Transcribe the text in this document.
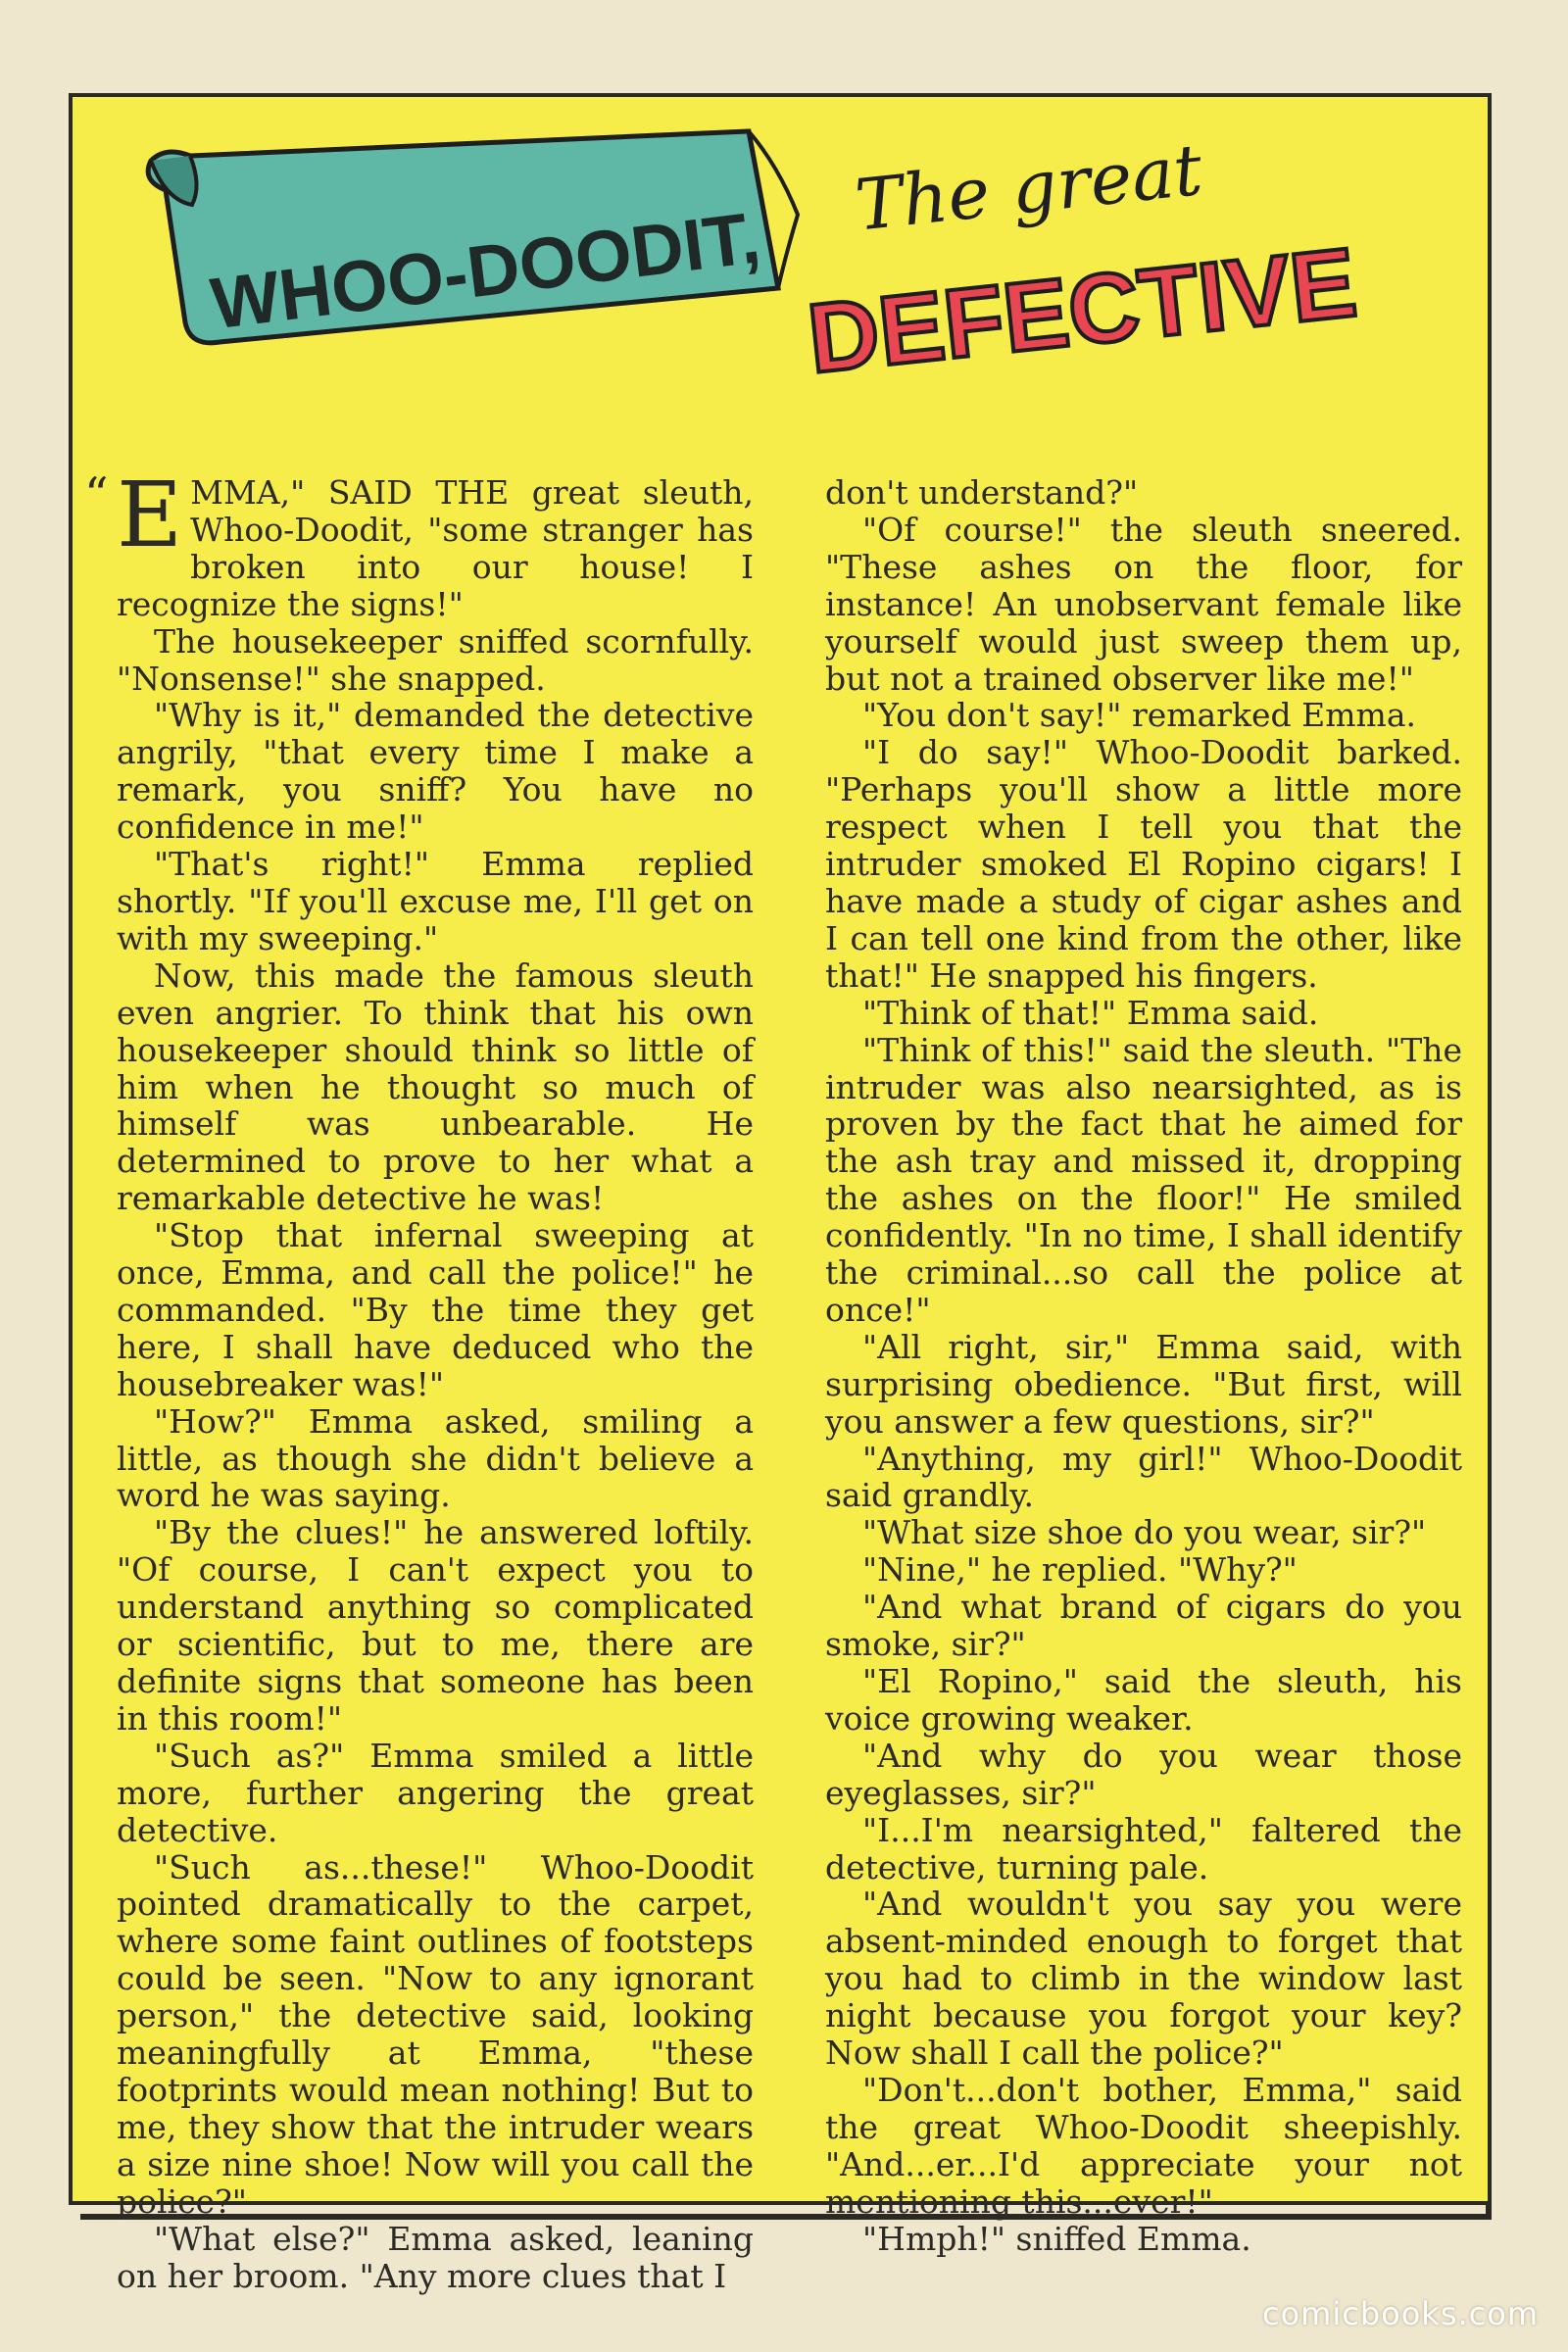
WHOO-DOODIT,
The great
DEFECTIVE
“ EMMA," SAID THE great sleuth, Whoo-Doodit, "some stranger has broken into our house! I recognize the signs!"

The housekeeper sniffed scornfully. "Nonsense!" she snapped.

"Why is it," demanded the detective angrily, "that every time I make a remark, you sniff? You have no confidence in me!"

"That's right!" Emma replied shortly. "If you'll excuse me, I'll get on with my sweeping."

Now, this made the famous sleuth even angrier. To think that his own housekeeper should think so little of him when he thought so much of himself was unbearable. He determined to prove to her what a remarkable detective he was!

"Stop that infernal sweeping at once, Emma, and call the police!" he commanded. "By the time they get here, I shall have deduced who the housebreaker was!"

"How?" Emma asked, smiling a little, as though she didn't believe a word he was saying.

"By the clues!" he answered loftily. "Of course, I can't expect you to understand anything so complicated or scientific, but to me, there are definite signs that someone has been in this room!"

"Such as?" Emma smiled a little more, further angering the great detective.

"Such as...these!" Whoo-Doodit pointed dramatically to the carpet, where some faint outlines of footsteps could be seen. "Now to any ignorant person," the detective said, looking meaningfully at Emma, "these footprints would mean nothing! But to me, they show that the intruder wears a size nine shoe! Now will you call the police?"

"What else?" Emma asked, leaning on her broom. "Any more clues that I

don't understand?"

"Of course!" the sleuth sneered. "These ashes on the floor, for instance! An unobservant female like yourself would just sweep them up, but not a trained observer like me!"

"You don't say!" remarked Emma.

"I do say!" Whoo-Doodit barked. "Perhaps you'll show a little more respect when I tell you that the intruder smoked El Ropino cigars! I have made a study of cigar ashes and I can tell one kind from the other, like that!" He snapped his fingers.

"Think of that!" Emma said.

"Think of this!" said the sleuth. "The intruder was also nearsighted, as is proven by the fact that he aimed for the ash tray and missed it, dropping the ashes on the floor!" He smiled confidently. "In no time, I shall identify the criminal...so call the police at once!"

"All right, sir," Emma said, with surprising obedience. "But first, will you answer a few questions, sir?"

"Anything, my girl!" Whoo-Doodit said grandly.

"What size shoe do you wear, sir?"

"Nine," he replied. "Why?"

"And what brand of cigars do you smoke, sir?"

"El Ropino," said the sleuth, his voice growing weaker.

"And why do you wear those eyeglasses, sir?"

"I...I'm nearsighted," faltered the detective, turning pale.

"And wouldn't you say you were absent-minded enough to forget that you had to climb in the window last night because you forgot your key? Now shall I call the police?"

"Don't...don't bother, Emma," said the great Whoo-Doodit sheepishly. "And...er...I'd appreciate your not mentioning this...ever!"

"Hmph!" sniffed Emma.

comicbooks.com
